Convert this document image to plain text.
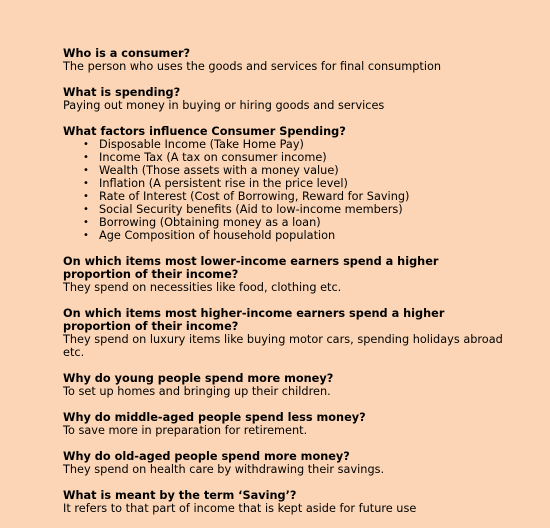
Who is a consumer?
The person who uses the goods and services for final consumption
What is spending?
Paying out money in buying or hiring goods and services
What factors influence Consumer Spending?
• Disposable Income (Take Home Pay)
• Income Tax (A tax on consumer income)
• Wealth (Those assets with a money value)
• Inflation (A persistent rise in the price level)
• Rate of Interest (Cost of Borrowing, Reward for Saving)
• Social Security benefits (Aid to low-income members)
• Borrowing (Obtaining money as a loan)
• Age Composition of household population
On which items most lower-income earners spend a higher proportion of their income?
They spend on necessities like food, clothing etc.
On which items most higher-income earners spend a higher proportion of their income?
They spend on luxury items like buying motor cars, spending holidays abroad etc.
Why do young people spend more money?
To set up homes and bringing up their children.
Why do middle-aged people spend less money?
To save more in preparation for retirement.
Why do old-aged people spend more money?
They spend on health care by withdrawing their savings.
What is meant by the term ‘Saving’?
It refers to that part of income that is kept aside for future use
